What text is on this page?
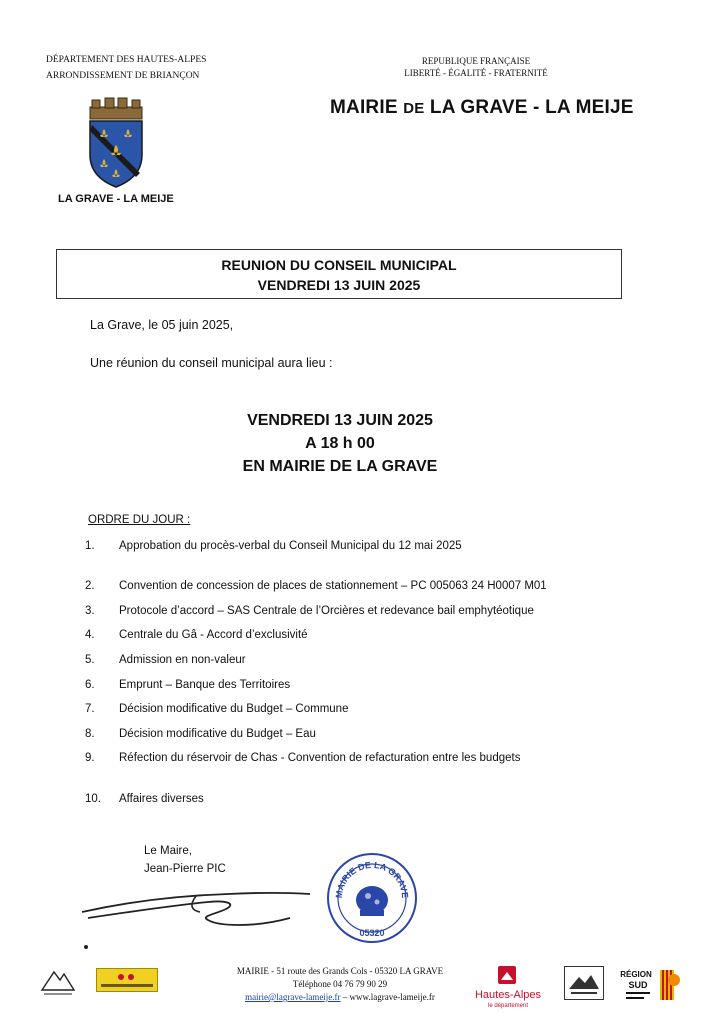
DÉPARTEMENT DES HAUTES-ALPES
ARRONDISSEMENT DE BRIANÇON
REPUBLIQUE FRANÇAISE
LIBERTÉ - ÉGALITÉ - FRATERNITÉ
MAIRIE DE LA GRAVE - LA MEIJE
LA GRAVE - LA MEIJE
REUNION DU CONSEIL MUNICIPAL
VENDREDI 13 JUIN 2025
La Grave, le 05 juin 2025,
Une réunion du conseil municipal aura lieu :
VENDREDI 13 JUIN 2025
A 18 h 00
EN MAIRIE DE LA GRAVE
ORDRE DU JOUR :
1. Approbation du procès-verbal du Conseil Municipal du 12 mai 2025
2. Convention de concession de places de stationnement – PC 005063 24 H0007 M01
3. Protocole d’accord – SAS Centrale de l’Orcières et redevance bail emphytéotique
4. Centrale du Gâ - Accord d’exclusivité
5. Admission en non-valeur
6. Emprunt – Banque des Territoires
7. Décision modificative du Budget – Commune
8. Décision modificative du Budget – Eau
9. Réfection du réservoir de Chas - Convention de refacturation entre les budgets
10. Affaires diverses
Le Maire,
Jean-Pierre PIC
MAIRIE DE LA GRAVE
05320
MAIRIE - 51 route des Grands Cols - 05320 LA GRAVE
Téléphone 04 76 79 90 29
mairie@lagrave-lameije.fr – www.lagrave-lameije.fr	Hautes-Alpes
le département
RÉGION
SUD
